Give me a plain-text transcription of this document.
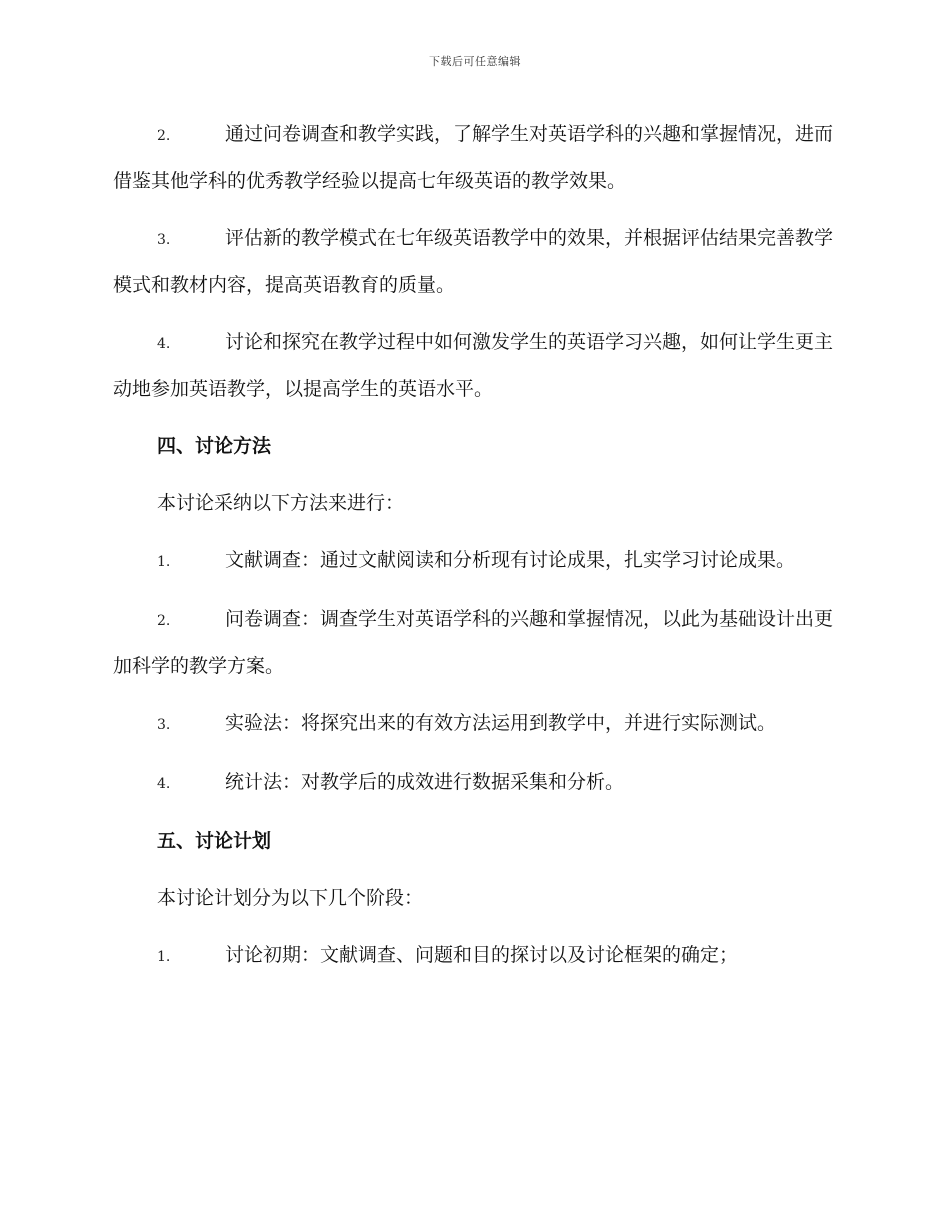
下载后可任意编辑
2.	通过问卷调查和教学实践，了解学生对英语学科的兴趣和掌握情况，进而借鉴其他学科的优秀教学经验以提高七年级英语的教学效果。
3.	评估新的教学模式在七年级英语教学中的效果，并根据评估结果完善教学模式和教材内容，提高英语教育的质量。
4.	讨论和探究在教学过程中如何激发学生的英语学习兴趣，如何让学生更主动地参加英语教学，以提高学生的英语水平。
四、讨论方法
本讨论采纳以下方法来进行：
1.	文献调查：通过文献阅读和分析现有讨论成果，扎实学习讨论成果。
2.	问卷调查：调查学生对英语学科的兴趣和掌握情况，以此为基础设计出更加科学的教学方案。
3.	实验法：将探究出来的有效方法运用到教学中，并进行实际测试。
4.	统计法：对教学后的成效进行数据采集和分析。
五、讨论计划
本讨论计划分为以下几个阶段：
1.	讨论初期：文献调查、问题和目的探讨以及讨论框架的确定；
